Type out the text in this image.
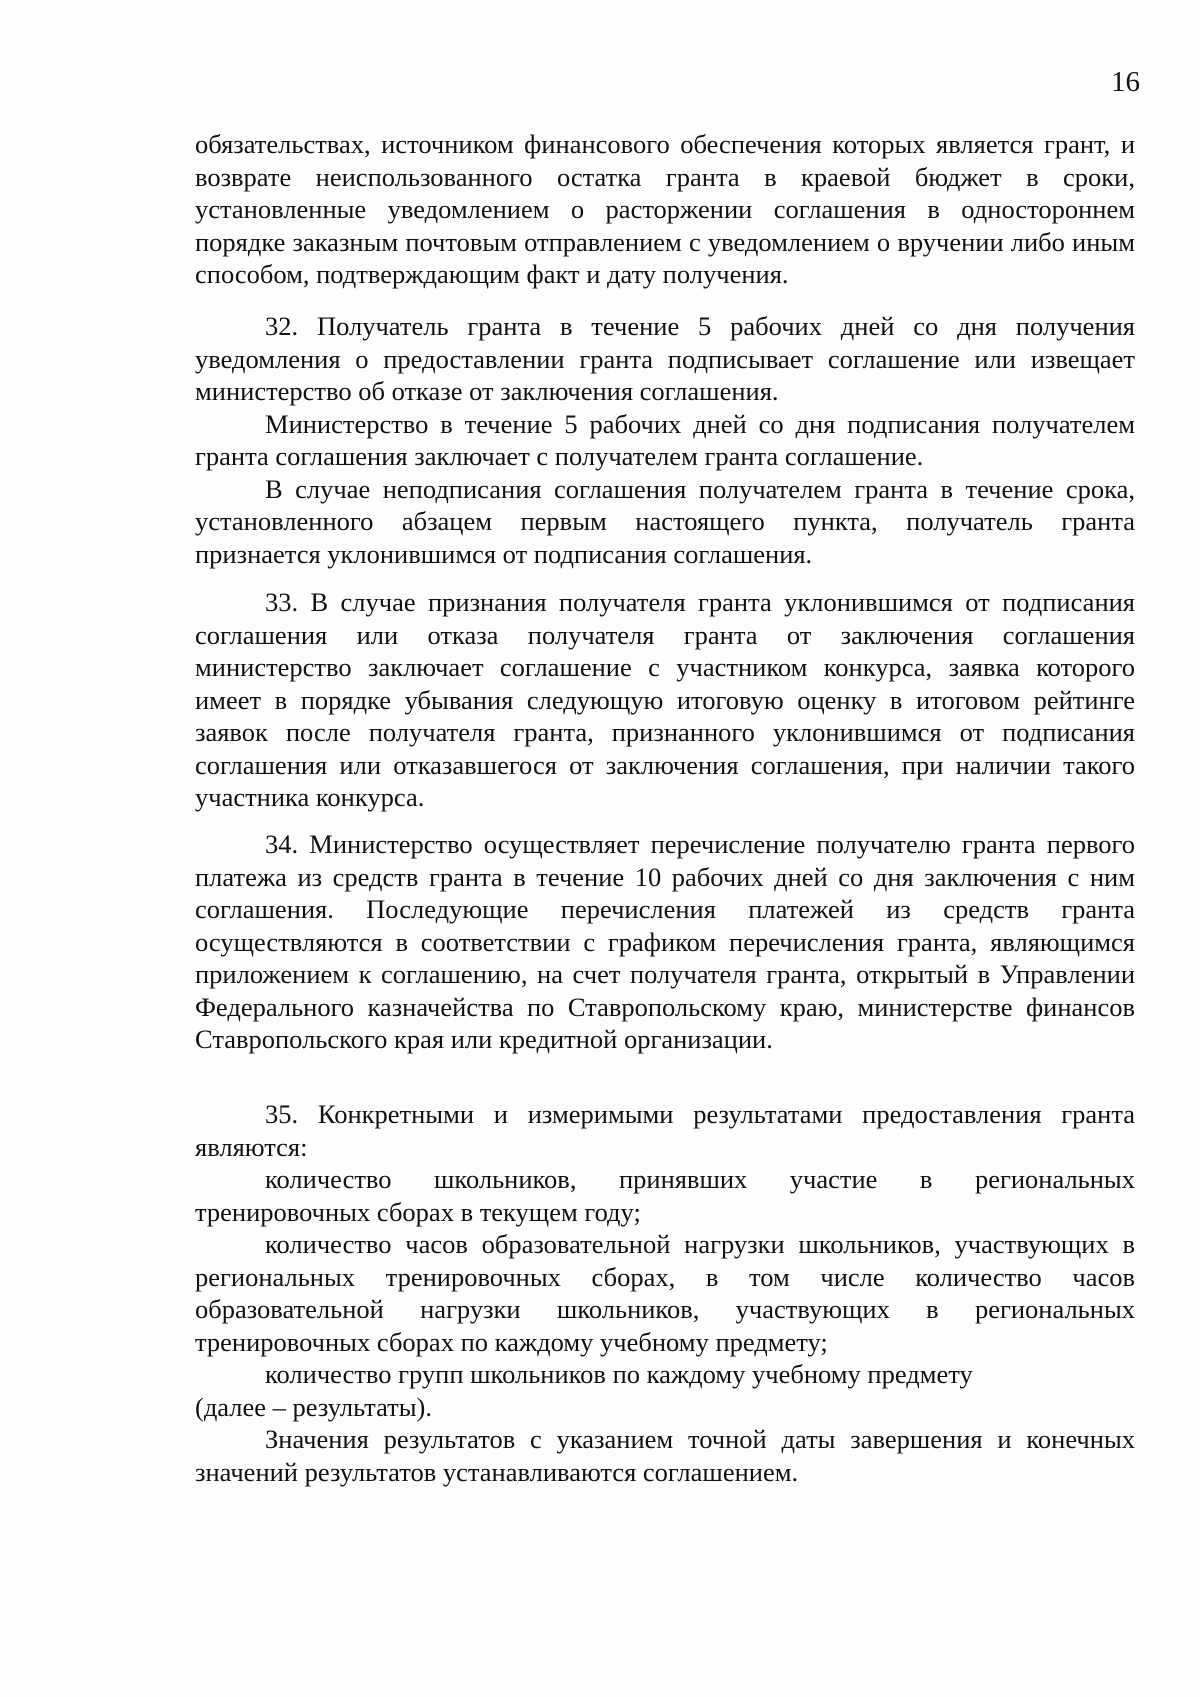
16

обязательствах, источником финансового обеспечения которых является грант, и возврате неиспользованного остатка гранта в краевой бюджет в сроки, установленные уведомлением о расторжении соглашения в одностороннем порядке заказным почтовым отправлением с уведомлением о вручении либо иным способом, подтверждающим факт и дату получения.

32. Получатель гранта в течение 5 рабочих дней со дня получения уведомления о предоставлении гранта подписывает соглашение или извещает министерство об отказе от заключения соглашения.

Министерство в течение 5 рабочих дней со дня подписания получателем гранта соглашения заключает с получателем гранта соглашение.

В случае неподписания соглашения получателем гранта в течение срока, установленного абзацем первым настоящего пункта, получатель гранта признается уклонившимся от подписания соглашения.

33. В случае признания получателя гранта уклонившимся от подписания соглашения или отказа получателя гранта от заключения соглашения министерство заключает соглашение с участником конкурса, заявка которого имеет в порядке убывания следующую итоговую оценку в итоговом рейтинге заявок после получателя гранта, признанного уклонившимся от подписания соглашения или отказавшегося от заключения соглашения, при наличии такого участника конкурса.

34. Министерство осуществляет перечисление получателю гранта первого платежа из средств гранта в течение 10 рабочих дней со дня заключения с ним соглашения. Последующие перечисления платежей из средств гранта осуществляются в соответствии с графиком перечисления гранта, являющимся приложением к соглашению, на счет получателя гранта, открытый в Управлении Федерального казначейства по Ставропольскому краю, министерстве финансов Ставропольского края или кредитной организации.

35. Конкретными и измеримыми результатами предоставления гранта являются:

количество школьников, принявших участие в региональных тренировочных сборах в текущем году;

количество часов образовательной нагрузки школьников, участвующих в региональных тренировочных сборах, в том числе количество часов образовательной нагрузки школьников, участвующих в региональных тренировочных сборах по каждому учебному предмету;

количество групп школьников по каждому учебному предмету

(далее – результаты).

Значения результатов с указанием точной даты завершения и конечных значений результатов устанавливаются соглашением.
